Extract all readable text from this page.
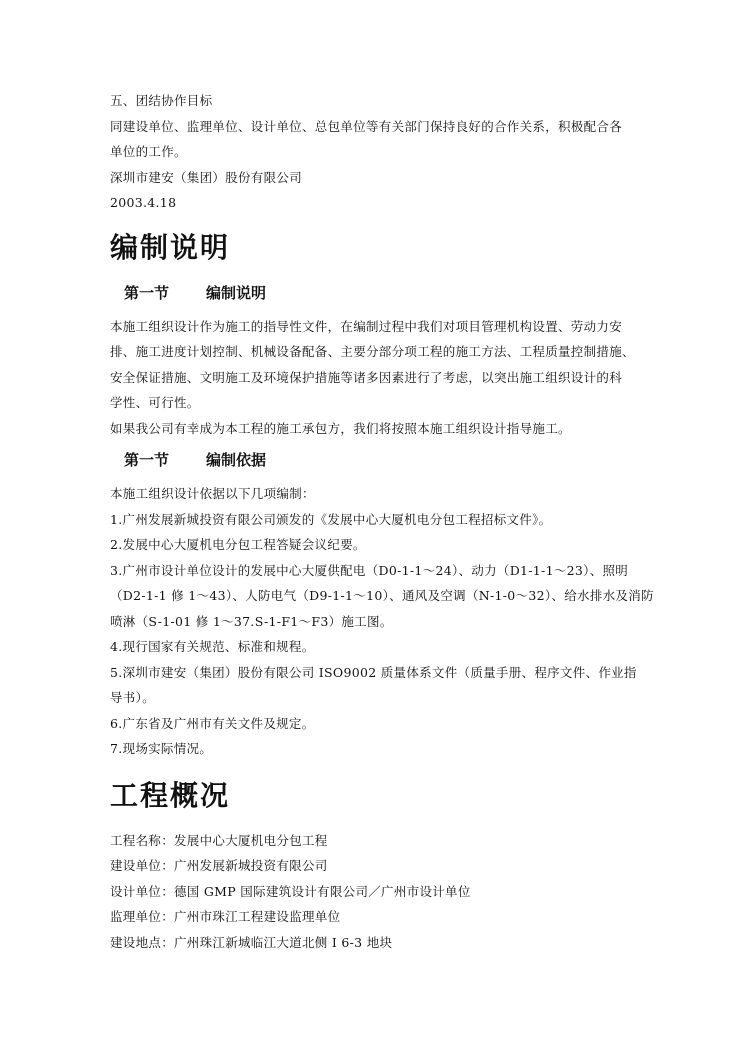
五、团结协作目标

同建设单位、监理单位、设计单位、总包单位等有关部门保持良好的合作关系，积极配合各

单位的工作。

深圳市建安（集团）股份有限公司

2003.4.18

编制说明
第一节 编制说明

本施工组织设计作为施工的指导性文件，在编制过程中我们对项目管理机构设置、劳动力安

排、施工进度计划控制、机械设备配备、主要分部分项工程的施工方法、工程质量控制措施、

安全保证措施、文明施工及环境保护措施等诸多因素进行了考虑，以突出施工组织设计的科

学性、可行性。

如果我公司有幸成为本工程的施工承包方，我们将按照本施工组织设计指导施工。

第一节 编制依据

本施工组织设计依据以下几项编制：

1.广州发展新城投资有限公司颁发的《发展中心大厦机电分包工程招标文件》。

2.发展中心大厦机电分包工程答疑会议纪要。

3.广州市设计单位设计的发展中心大厦供配电（D0-1-1～24）、动力（D1-1-1～23）、照明

（D2-1-1 修 1～43）、人防电气（D9-1-1～10）、通风及空调（N-1-0～32）、给水排水及消防

喷淋（S-1-01 修 1～37.S-1-F1～F3）施工图。

4.现行国家有关规范、标准和规程。

5.深圳市建安（集团）股份有限公司 ISO9002 质量体系文件（质量手册、程序文件、作业指

导书）。

6.广东省及广州市有关文件及规定。

7.现场实际情况。

工程概况

工程名称：发展中心大厦机电分包工程

建设单位：广州发展新城投资有限公司

设计单位：德国 GMP 国际建筑设计有限公司／广州市设计单位

监理单位：广州市珠江工程建设监理单位

建设地点：广州珠江新城临江大道北侧 I 6-3 地块
